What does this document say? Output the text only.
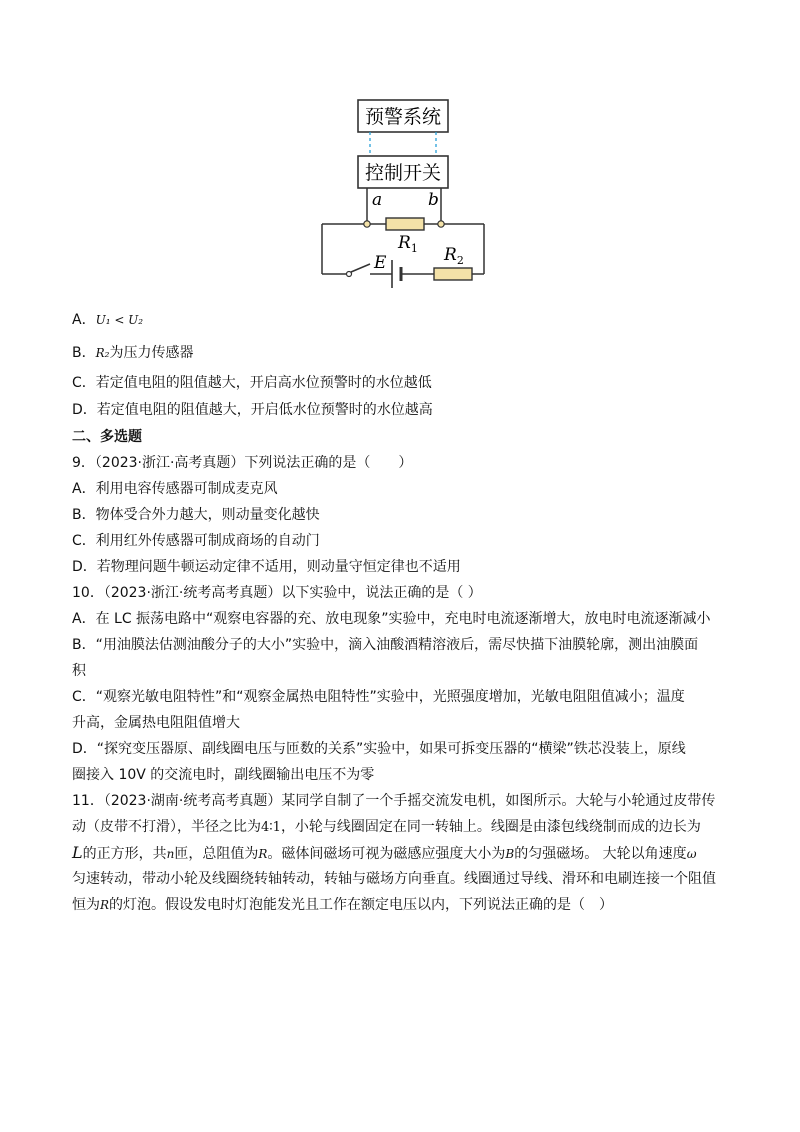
预警系统
控制开关
a	b
$R_1$
E	$R_2$
A．U₁ < U₂
B．R₂为压力传感器
C．若定值电阻的阻值越大，开启高水位预警时的水位越低
D．若定值电阻的阻值越大，开启低水位预警时的水位越高
二、多选题
9．（2023·浙江·高考真题）下列说法正确的是（　　）
A．利用电容传感器可制成麦克风
B．物体受合外力越大，则动量变化越快
C．利用红外传感器可制成商场的自动门
D．若物理问题牛顿运动定律不适用，则动量守恒定律也不适用
10．（2023·浙江·统考高考真题）以下实验中，说法正确的是（ ）
A．在 LC 振荡电路中“观察电容器的充、放电现象”实验中，充电时电流逐渐增大，放电时电流逐渐减小
B．“用油膜法估测油酸分子的大小”实验中，滴入油酸酒精溶液后，需尽快描下油膜轮廓，测出油膜面
积
C．“观察光敏电阻特性”和“观察金属热电阻特性”实验中，光照强度增加，光敏电阻阻值减小；温度
升高，金属热电阻阻值增大
D．“探究变压器原、副线圈电压与匝数的关系”实验中，如果可拆变压器的“横梁”铁芯没装上，原线
圈接入 10V 的交流电时，副线圈输出电压不为零
11．（2023·湖南·统考高考真题）某同学自制了一个手摇交流发电机，如图所示。大轮与小轮通过皮带传
动（皮带不打滑），半径之比为4∶1，小轮与线圈固定在同一转轴上。线圈是由漆包线绕制而成的边长为
L的正方形，共n匝，总阻值为R。磁体间磁场可视为磁感应强度大小为B的匀强磁场。 大轮以角速度ω
匀速转动，带动小轮及线圈绕转轴转动，转轴与磁场方向垂直。线圈通过导线、滑环和电刷连接一个阻值
恒为R的灯泡。假设发电时灯泡能发光且工作在额定电压以内，下列说法正确的是（　）
